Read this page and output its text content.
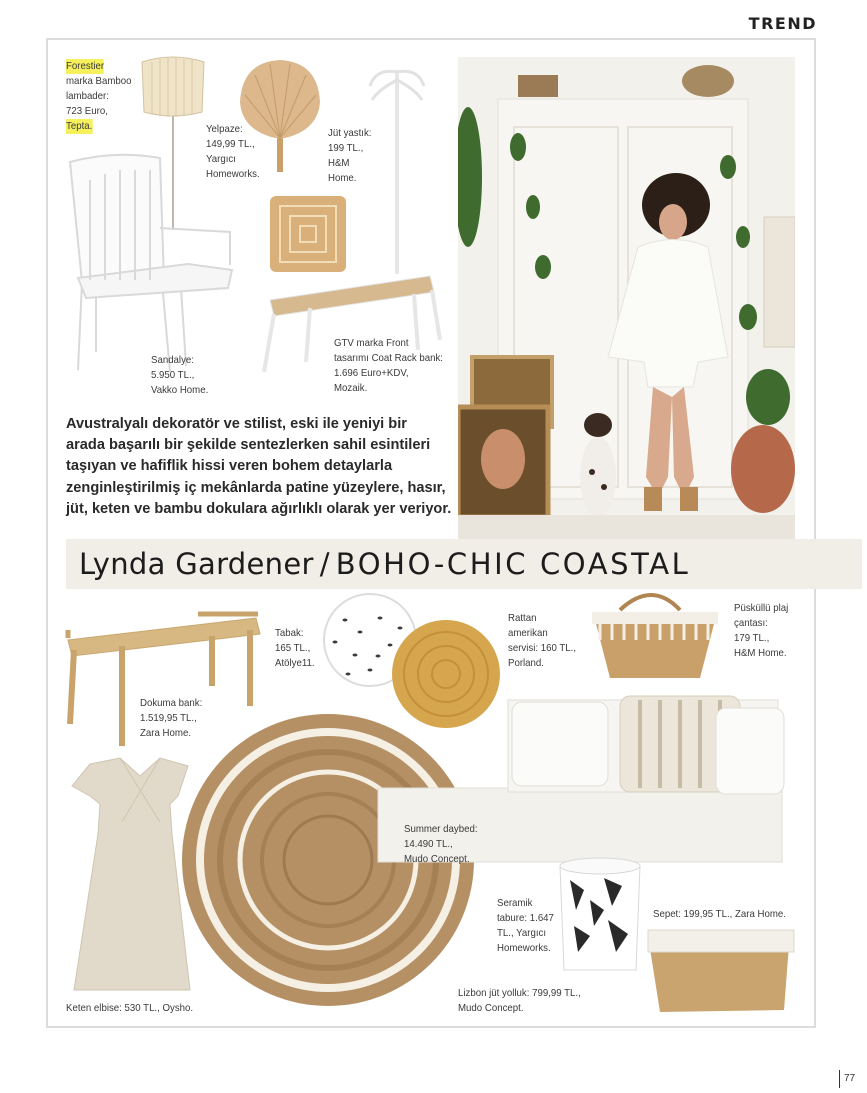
TREND
Forestier
marka Bamboo
lambader:
723 Euro,
Tepta.	Yelpaze:
149,99 TL.,
Yargıcı
Homeworks.
Jüt yastık:
199 TL.,
H&M
Home.
Sandalye:
5.950 TL.,
Vakko Home.
GTV marka Front
tasarımı Coat Rack bank:
1.696 Euro+KDV,
Mozaik.
Avustralyalı dekoratör ve stilist, eski ile yeniyi bir
arada başarılı bir şekilde sentezlerken sahil esintileri
taşıyan ve hafiflik hissi veren bohem detaylarla
zenginleştirilmiş iç mekânlarda patine yüzeylere, hasır,
jüt, keten ve bambu dokulara ağırlıklı olarak yer veriyor.
Lynda Gardener / BOHO-CHIC COASTAL
Tabak:
165 TL.,
Atölye11.
Rattan
amerikan
servisi: 160 TL.,
Porland.
Püsküllü plaj
çantası:
179 TL.,
H&M Home.
Dokuma bank:
1.519,95 TL.,
Zara Home.
Summer daybed:
14.490 TL.,
Mudo Concept.
Seramik
tabure: 1.647
TL., Yargıcı
Homeworks.
Sepet: 199,95 TL., Zara Home.
Lizbon jüt yolluk: 799,99 TL.,
Mudo Concept.
Keten elbise: 530 TL., Oysho.
77
